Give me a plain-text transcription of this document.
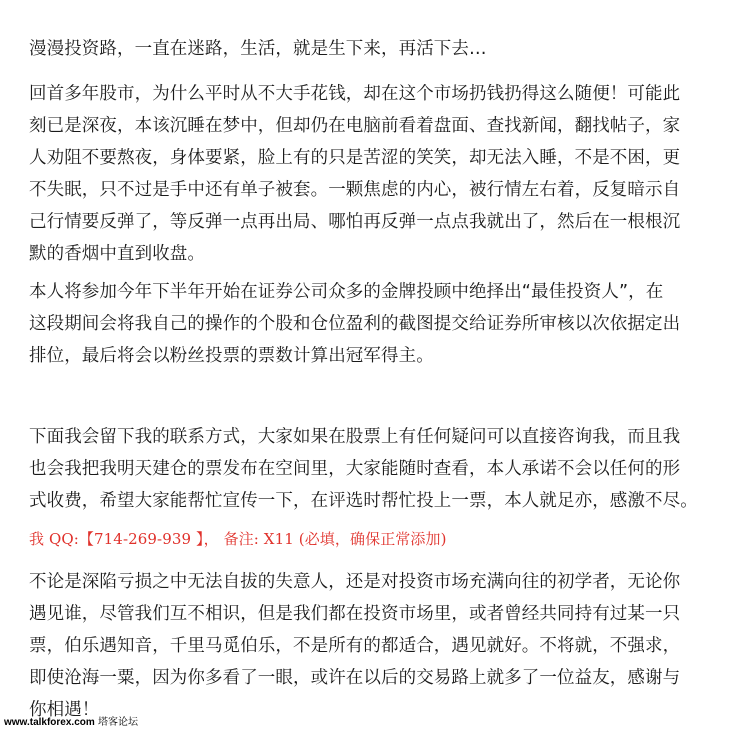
漫漫投资路，一直在迷路，生活，就是生下来，再活下去…

回首多年股市，为什么平时从不大手花钱，却在这个市场扔钱扔得这么随便！可能此
刻已是深夜，本该沉睡在梦中，但却仍在电脑前看着盘面、查找新闻，翻找帖子，家
人劝阻不要熬夜，身体要紧，脸上有的只是苦涩的笑笑，却无法入睡，不是不困，更
不失眠，只不过是手中还有单子被套。一颗焦虑的内心，被行情左右着，反复暗示自
己行情要反弹了，等反弹一点再出局、哪怕再反弹一点点我就出了，然后在一根根沉
默的香烟中直到收盘。

本人将参加今年下半年开始在证券公司众多的金牌投顾中绝择出“最佳投资人”，在
这段期间会将我自己的操作的个股和仓位盈利的截图提交给证券所审核以次依据定出
排位，最后将会以粉丝投票的票数计算出冠军得主。

下面我会留下我的联系方式，大家如果在股票上有任何疑问可以直接咨询我，而且我
也会我把我明天建仓的票发布在空间里，大家能随时查看，本人承诺不会以任何的形
式收费，希望大家能帮忙宣传一下，在评选时帮忙投上一票，本人就足亦，感激不尽。

我 QQ:【714-269-939 】， 备注: X11 (必填，确保正常添加)

不论是深陷亏损之中无法自拔的失意人，还是对投资市场充满向往的初学者，无论你
遇见谁，尽管我们互不相识，但是我们都在投资市场里，或者曾经共同持有过某一只
票，伯乐遇知音，千里马觅伯乐，不是所有的都适合，遇见就好。不将就，不强求，
即使沧海一粟，因为你多看了一眼，或许在以后的交易路上就多了一位益友，感谢与
你相遇！

www.talkforex.com 塔客论坛
